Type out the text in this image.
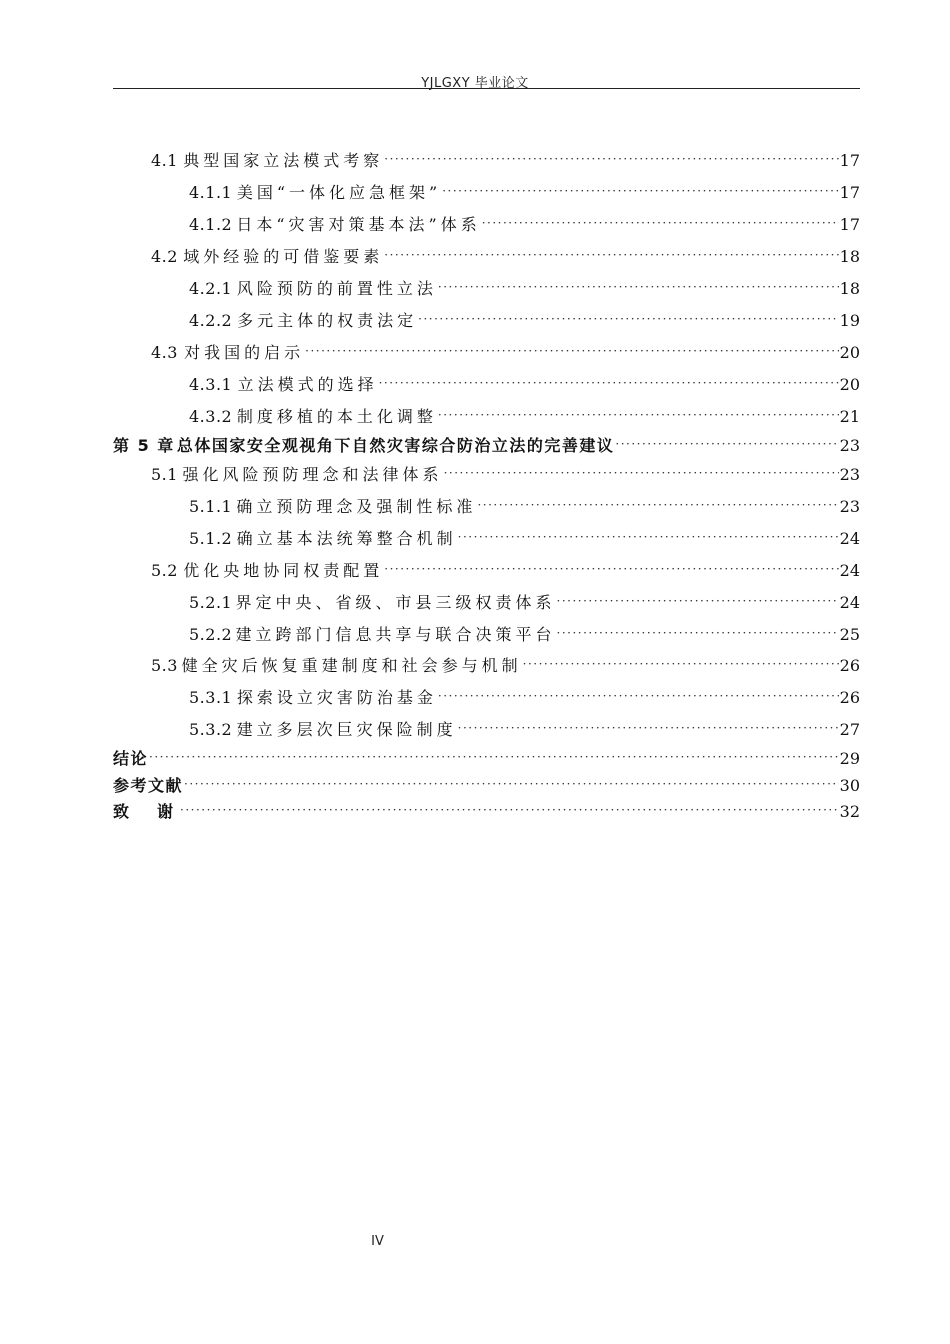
YJLGXY 毕业论文
4.1 典型国家立法模式考察 ·····	17
4.1.1 美国“一体化应急框架” ·····	17
4.1.2 日本“灾害对策基本法”体系 ·····	17
4.2 域外经验的可借鉴要素 ·····	18
4.2.1 风险预防的前置性立法 ·····	18
4.2.2 多元主体的权责法定 ·····	19
4.3 对我国的启示 ·····	20
4.3.1 立法模式的选择 ·····	20
4.3.2 制度移植的本土化调整 ·····	21
第 5 章 总体国家安全观视角下自然灾害综合防治立法的完善建议 ·····	23
5.1 强化风险预防理念和法律体系 ·····	23
5.1.1 确立预防理念及强制性标准 ·····	23
5.1.2 确立基本法统筹整合机制 ·····	24
5.2 优化央地协同权责配置 ·····	24
5.2.1 界定中央、省级、市县三级权责体系 ·····	24
5.2.2 建立跨部门信息共享与联合决策平台 ·····	25
5.3 健全灾后恢复重建制度和社会参与机制 ·····	26
5.3.1 探索设立灾害防治基金 ·····	26
5.3.2 建立多层次巨灾保险制度 ·····	27
结论 ·····	29
参考文献 ·····	30
致　谢 ·····	32
IV
